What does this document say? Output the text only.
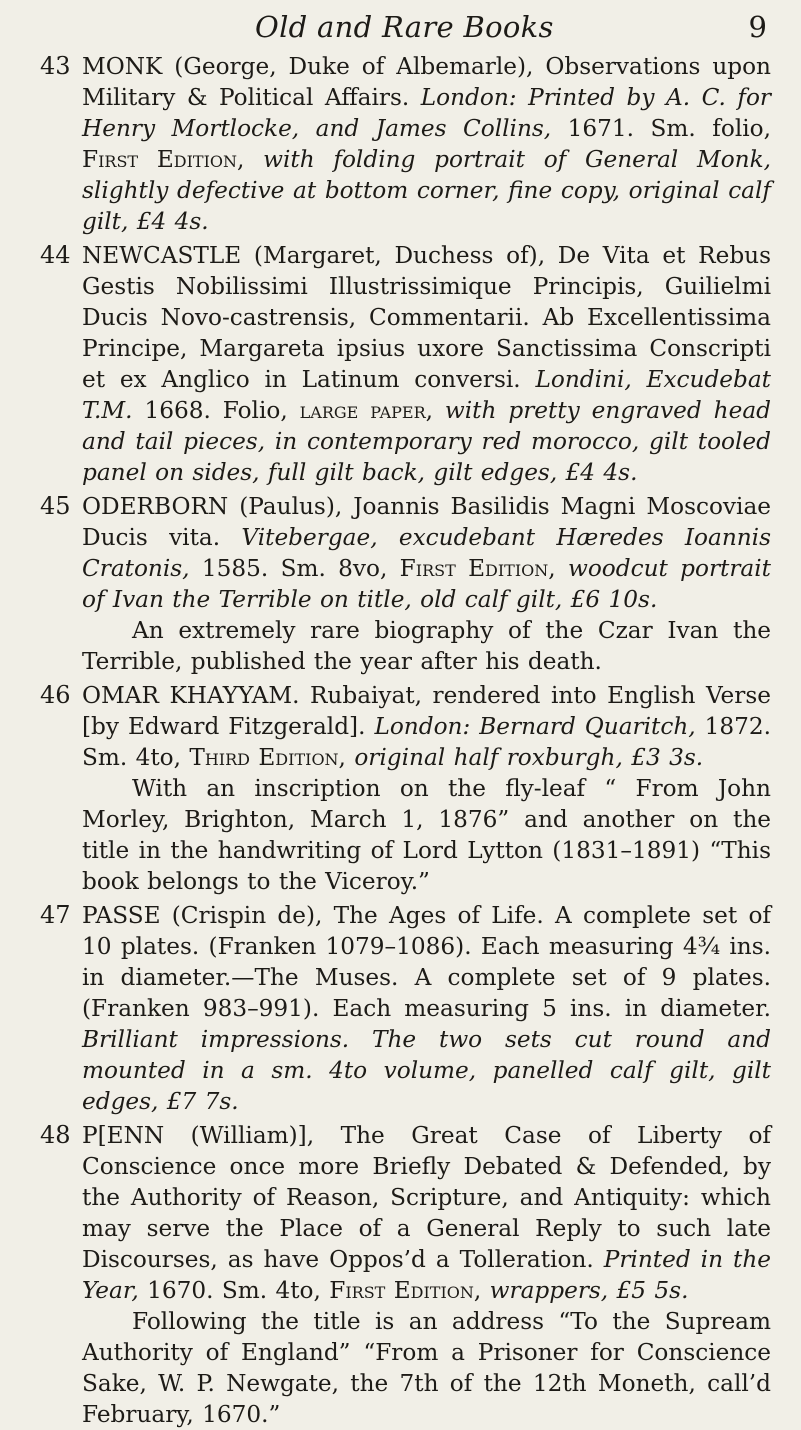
Old and Rare Books	9
43 MONK (George, Duke of Albemarle), Observations upon Military & Political Affairs. London: Printed by A. C. for Henry Mortlocke, and James Collins, 1671. Sm. folio, First Edition, with folding portrait of General Monk, slightly defective at bottom corner, fine copy, original calf gilt, £4 4s.

44 NEWCASTLE (Margaret, Duchess of), De Vita et Rebus Gestis Nobilissimi Illustrissimique Principis, Guilielmi Ducis Novo-castrensis, Commentarii. Ab Excellentissima Principe, Margareta ipsius uxore Sanctissima Conscripti et ex Anglico in Latinum conversi. Londini, Excudebat T.M. 1668. Folio, large paper, with pretty engraved head and tail pieces, in contemporary red morocco, gilt tooled panel on sides, full gilt back, gilt edges, £4 4s.

45 ODERBORN (Paulus), Joannis Basilidis Magni Moscoviae Ducis vita. Vitebergae, excudebant Hæredes Ioannis Cratonis, 1585. Sm. 8vo, First Edition, woodcut portrait of Ivan the Terrible on title, old calf gilt, £6 10s.

An extremely rare biography of the Czar Ivan the Terrible, published the year after his death.

46 OMAR KHAYYAM. Rubaiyat, rendered into English Verse [by Edward Fitzgerald]. London: Bernard Quaritch, 1872. Sm. 4to, Third Edition, original half roxburgh, £3 3s.

With an inscription on the fly-leaf “ From John Morley, Brighton, March 1, 1876” and another on the title in the handwriting of Lord Lytton (1831–1891) “This book belongs to the Viceroy.”

47 PASSE (Crispin de), The Ages of Life. A complete set of 10 plates. (Franken 1079–1086). Each measuring 4¾ ins. in diameter.—The Muses. A complete set of 9 plates. (Franken 983–991). Each measuring 5 ins. in diameter. Brilliant impressions. The two sets cut round and mounted in a sm. 4to volume, panelled calf gilt, gilt edges, £7 7s.

48 P[ENN (William)], The Great Case of Liberty of Conscience once more Briefly Debated & Defended, by the Authority of Reason, Scripture, and Antiquity: which may serve the Place of a General Reply to such late Discourses, as have Oppos’d a Tolleration. Printed in the Year, 1670. Sm. 4to, First Edition, wrappers, £5 5s.

Following the title is an address “To the Supream Authority of England” “From a Prisoner for Conscience Sake, W. P. Newgate, the 7th of the 12th Moneth, call’d February, 1670.”
